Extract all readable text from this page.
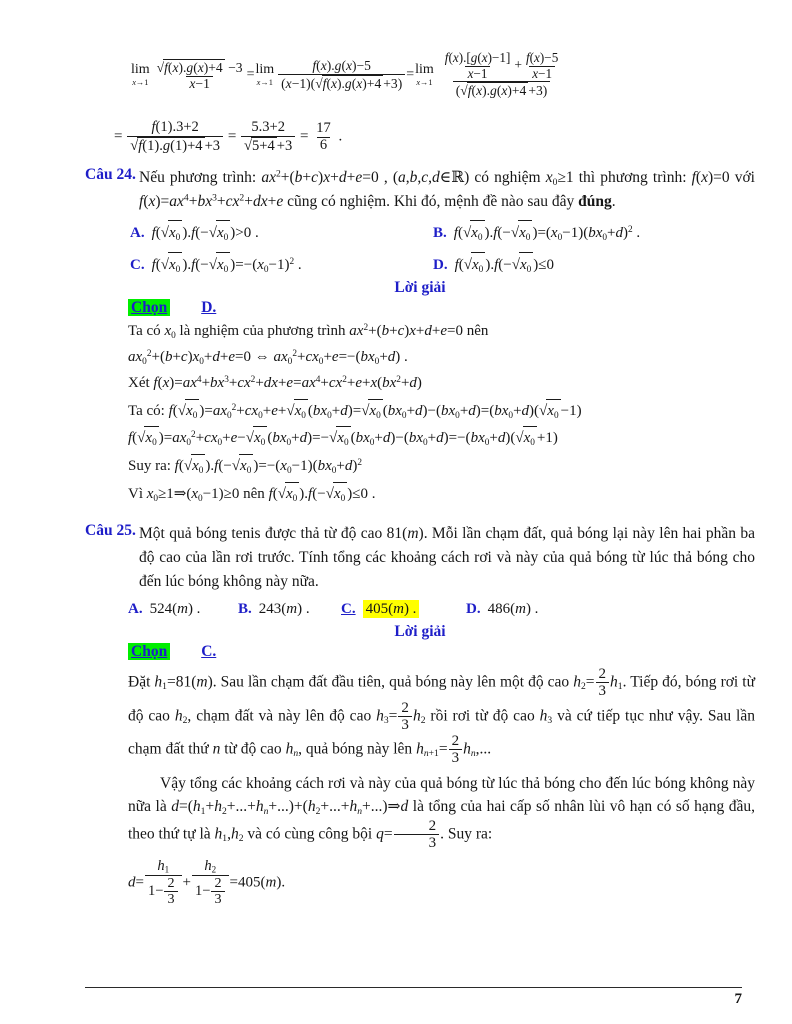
lim
$x\to 1 \frac{√f(x).g(x)+4 -3}{x-1} = \lim$
$x\to 1 \frac{f(x).g(x)-5}{(x-1)(√f(x).g(x)+4 +3)} = \lim$
$x\to 1 \frac{\frac{f(x).[g(x)-1]}{x-1} + \frac{f(x)-5}{x-1}}{(√f(x).g(x)+4 +3)}$
= $\frac{f(1).3+2}{√f(1).g(1)+4 +3} = \frac{5.3+2}{√5+4 +3} = \frac{17}{6}$ .
Câu 24. Nếu phương trình: $ax^2+(b+c)x+d+e=0$ , (a,b,c,d∈ℝ) có nghiệm $x_0\ge 1$ thì phương trình: f(x)=0 với $f(x)=ax^4+bx^3+cx^2+dx+e$ cũng có nghiệm. Khi đó, mệnh đề nào sau đây đúng.

A. $f(√x_0$ )$.f(-√x_0$ )>0 .	B. $f(√x_0$ )$.f(-√x_0$ )$=(x_0-1)(bx_0+d)^2$ .
C. $f(√x_0$ )$.f(-√x_0$ )$=-(x_0-1)^2$ .	D. $f(√x_0$ )$.f(-√x_0$ )≤0
Lời giải
Chọn D.

Ta có $x_0$ là nghiệm của phương trình $ax^2+(b+c)x+d+e=0$ nên

$ax_0^2+(b+c)x_0+d+e=0$ ⇔ $ax_0^2+cx_0+e=-(bx_0+d)$ .

Xét $f(x)=ax^4+bx^3+cx^2+dx+e=ax^4+cx^2+e+x(bx^2+d)$

Ta có: $f(√x_0$ )$=ax_0^2+cx_0+e+√x_0$ $(bx_0+d)=√x_0$ $(bx_0+d)-(bx_0+d)=(bx_0+d)(√x_0 -1)$

$f(√x_0$ )$=ax_0^2+cx_0+e-√x_0$ $(bx_0+d)=-√x_0$ $(bx_0+d)-(bx_0+d)=-(bx_0+d)(√x_0 +1)$

Suy ra: $f(√x_0$ )$.f(-√x_0$ )$=-(x_0-1)(bx_0+d)^2$

Vì $x_0\ge 1\Rightarrow(x_0-1)\ge 0$ nên $f(√x_0$ )$.f(-√x_0$ )≤0 .

Câu 25. Một quả bóng tenis được thả từ độ cao 81(m). Mỗi lần chạm đất, quả bóng lại này lên hai phần ba độ cao của lần rơi trước. Tính tổng các khoảng cách rơi và này của quả bóng từ lúc thả bóng cho đến lúc bóng không này nữa.

A. 524(m) .	B. 243(m) .	C. 405(m) .	D. 486(m) .
Lời giải
Chọn C.

Đặt $h_1=81(m)$. Sau lần chạm đất đầu tiên, quả bóng này lên một độ cao $h_2= \frac{2}{3} h_1$. Tiếp đó, bóng rơi từ độ cao $h_2$, chạm đất và này lên độ cao $h_3= \frac{2}{3} h_2$ rồi rơi từ độ cao $h_3$ và cứ tiếp tục như vậy. Sau lần chạm đất thứ n từ độ cao $h_n$, quả bóng này lên $h_{n+1}= \frac{2}{3} h_n$,...

Vậy tổng các khoảng cách rơi và này của quả bóng từ lúc thả bóng cho đến lúc bóng không này nữa là $d=(h_1+h_2+...+h_n+...)+(h_2+...+h_n+...)\Rightarrow d$ là tổng của hai cấp số nhân lùi vô hạn có số hạng đầu, theo thứ tự là $h_1,h_2$ và có cùng công bội $q= \frac{2}{3}$ . Suy ra:

$d= \frac{h_1}{1- \frac{2}{3}} + \frac{h_2}{1- \frac{2}{3}} =405(m)$.

7
